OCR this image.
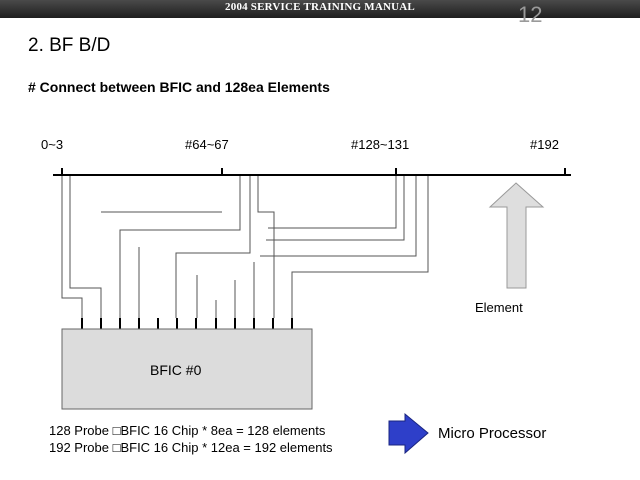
2004 SERVICE TRAINING MANUAL	12
2. BF B/D
# Connect between BFIC and 128ea Elements
0~3	#64~67	#128~131	#192
BFIC #0
Element
128 Probe □BFIC 16 Chip * 8ea = 128 elements
192 Probe □BFIC 16 Chip * 12ea = 192 elements
Micro Processor
